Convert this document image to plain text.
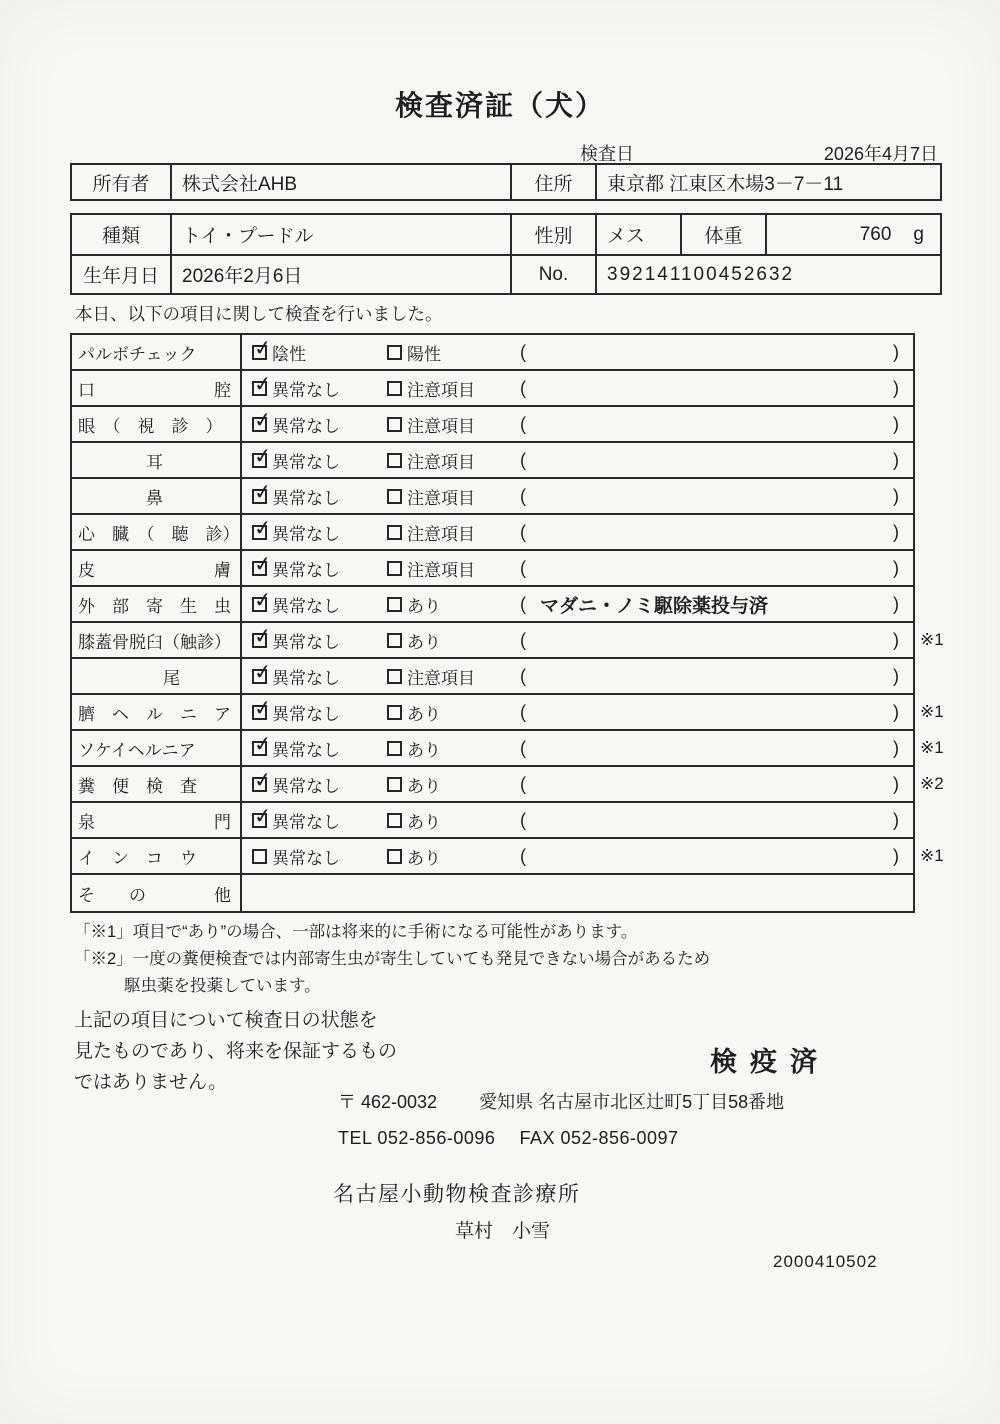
検査済証（犬）
検査日	2026年4月7日
所有者	株式会社AHB	住所	東京都 江東区木場3－7－11
種類	トイ・プードル	性別	メス	体重	760 g
生年月日	2026年2月6日	No.	392141100452632
本日、以下の項目に関して検査を行いました。
パルボチェック ✓	陰性	陽性	(	)
口　　　　　　　腔 ✓	異常なし	注意項目	(	)
眼　（　視　診　） ✓	異常なし	注意項目	(	)
　　　　耳 ✓	異常なし	注意項目	(	)
　　　　鼻 ✓	異常なし	注意項目	(	)
心　臓　（　聴　診） ✓ 異常なし	注意項目	(	)
皮　　　　　　　膚 ✓	異常なし	注意項目	(	)
外　部　寄　生　虫 ✓	異常なし	あり	( マダニ・ノミ駆除薬投与済	)
膝蓋骨脱臼（触診） ✓	異常なし	あり	(	) ※1
　　　　　尾 ✓	異常なし	注意項目	(	)
臍　ヘ　ル　ニ　ア ✓	異常なし	あり	(	) ※1
ソケイヘルニア ✓	異常なし	あり	(	) ※1
糞　便　検　査 ✓	異常なし	あり	(	) ※2
泉　　　　　　　門 ✓	異常なし	あり	(	)
イ　ン　コ　ウ	異常なし	あり	(	) ※1
そ　　の　　　　他
「※1」項目で“あり”の場合、一部は将来的に手術になる可能性があります。
「※2」一度の糞便検査では内部寄生虫が寄生していても発見できない場合があるため
駆虫薬を投薬しています。
上記の項目について検査日の状態を
見たものであり、将来を保証するもの
ではありません。
検疫済
〒 462-0032 愛知県 名古屋市北区辻町5丁目58番地
TEL 052-856-0096 FAX 052-856-0097
名古屋小動物検査診療所
草村　小雪
2000410502
